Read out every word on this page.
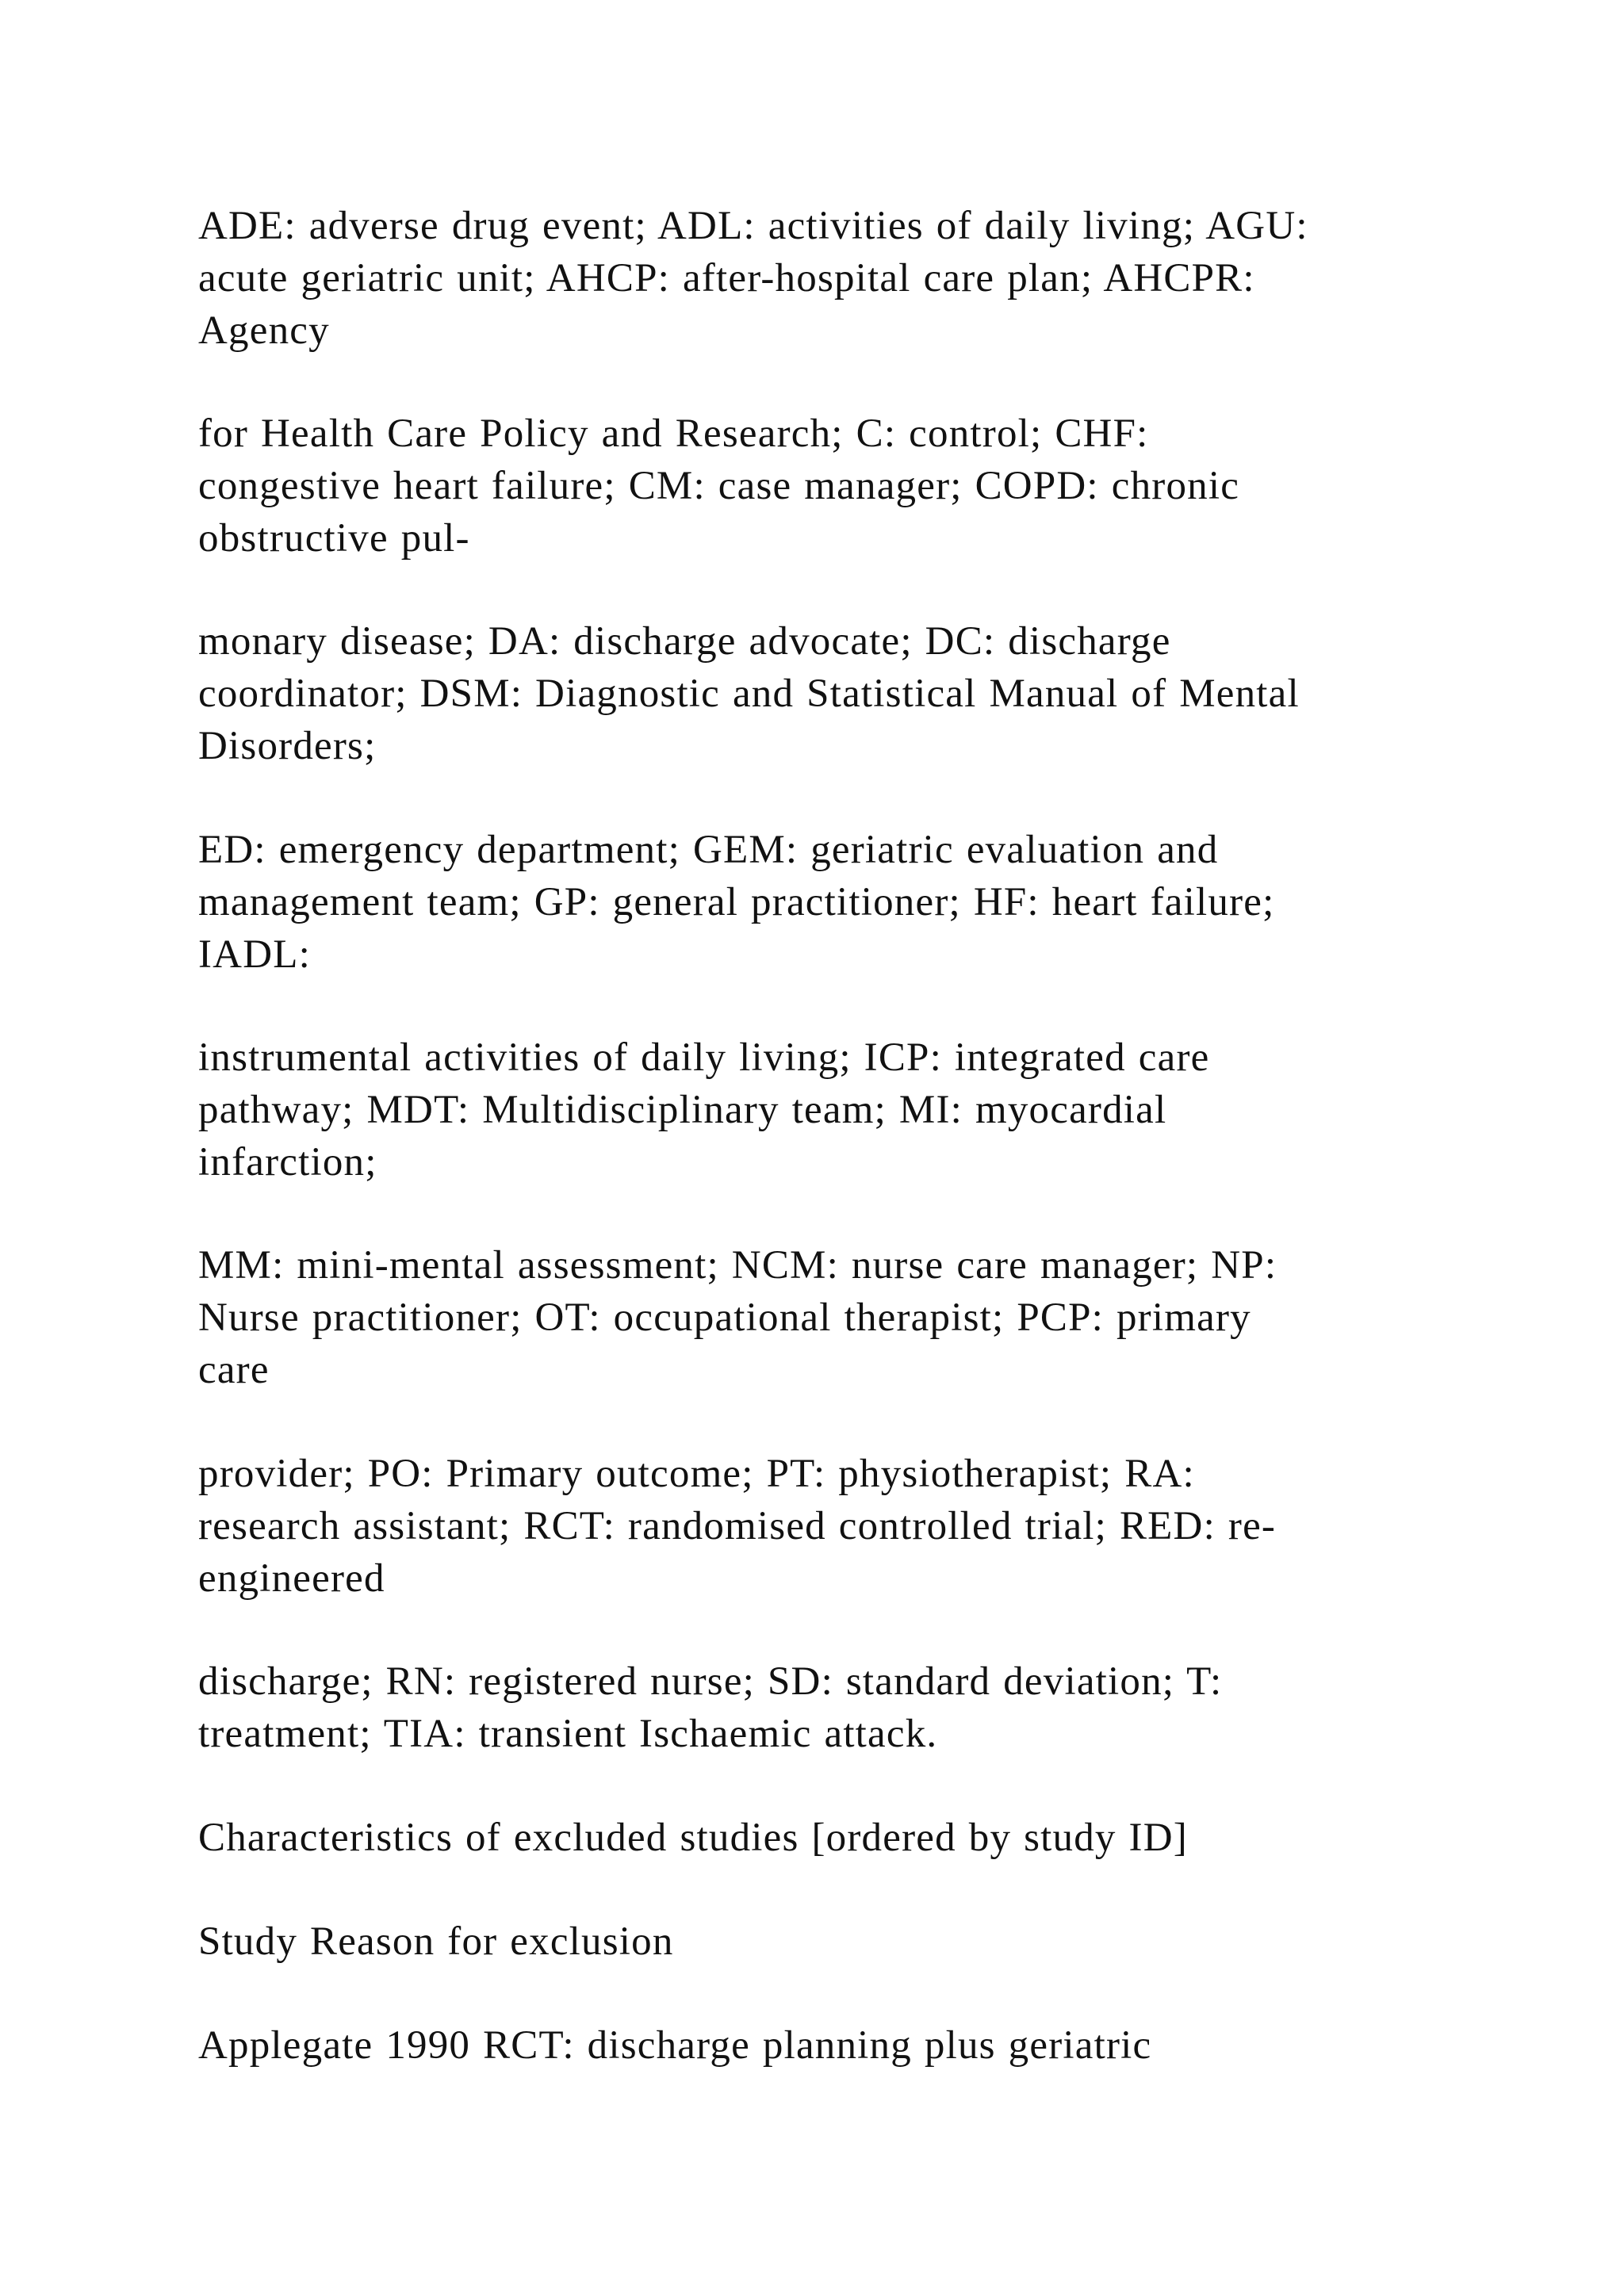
ADE: adverse drug event; ADL: activities of daily living; AGU:
acute geriatric unit; AHCP: after-hospital care plan; AHCPR:
Agency

for Health Care Policy and Research; C: control; CHF:
congestive heart failure; CM: case manager; COPD: chronic
obstructive pul-

monary disease; DA: discharge advocate; DC: discharge
coordinator; DSM: Diagnostic and Statistical Manual of Mental
Disorders;

ED: emergency department; GEM: geriatric evaluation and
management team; GP: general practitioner; HF: heart failure;
IADL:

instrumental activities of daily living; ICP: integrated care
pathway; MDT: Multidisciplinary team; MI: myocardial
infarction;

MM: mini-mental assessment; NCM: nurse care manager; NP:
Nurse practitioner; OT: occupational therapist; PCP: primary
care

provider; PO: Primary outcome; PT: physiotherapist; RA:
research assistant; RCT: randomised controlled trial; RED: re-
engineered

discharge; RN: registered nurse; SD: standard deviation; T:
treatment; TIA: transient Ischaemic attack.

Characteristics of excluded studies [ordered by study ID]

Study Reason for exclusion

Applegate 1990 RCT: discharge planning plus geriatric
